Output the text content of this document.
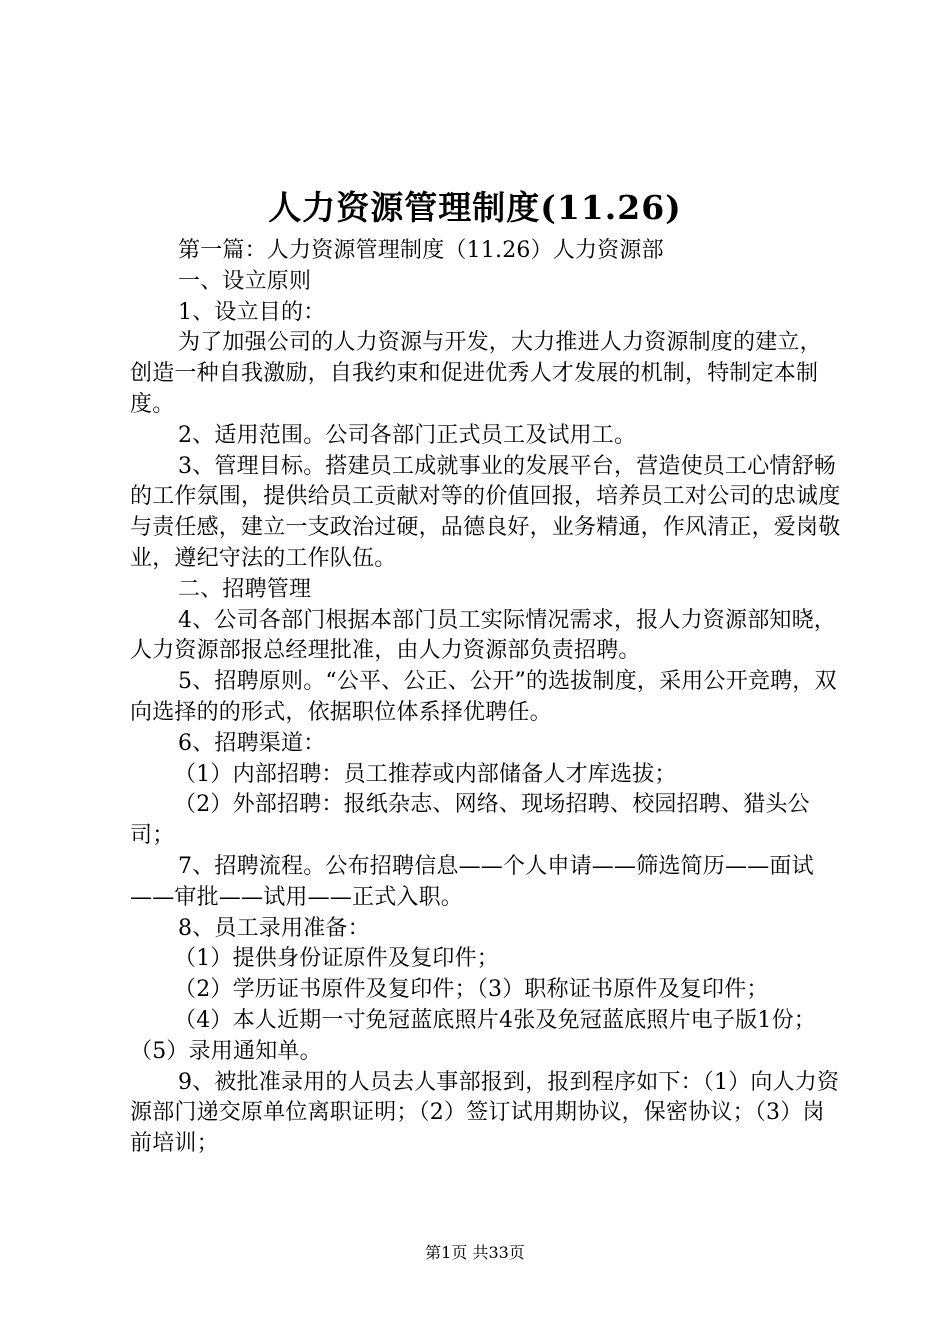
人力资源管理制度(11.26)

第一篇：人力资源管理制度（11.26）人力资源部

一、设立原则

1、设立目的：

为了加强公司的人力资源与开发，大力推进人力资源制度的建立，创造一种自我激励，自我约束和促进优秀人才发展的机制，特制定本制度。

2、适用范围。公司各部门正式员工及试用工。

3、管理目标。搭建员工成就事业的发展平台，营造使员工心情舒畅的工作氛围，提供给员工贡献对等的价值回报，培养员工对公司的忠诚度与责任感，建立一支政治过硬，品德良好，业务精通，作风清正，爱岗敬业，遵纪守法的工作队伍。

二、招聘管理

4、公司各部门根据本部门员工实际情况需求，报人力资源部知晓，人力资源部报总经理批准，由人力资源部负责招聘。

5、招聘原则。“公平、公正、公开”的选拔制度，采用公开竞聘，双向选择的的形式，依据职位体系择优聘任。

6、招聘渠道：

（1）内部招聘：员工推荐或内部储备人才库选拔；

（2）外部招聘：报纸杂志、网络、现场招聘、校园招聘、猎头公司；

7、招聘流程。公布招聘信息——个人申请——筛选简历——面试——审批——试用——正式入职。

8、员工录用准备：

（1）提供身份证原件及复印件；

（2）学历证书原件及复印件；（3）职称证书原件及复印件；

（4）本人近期一寸免冠蓝底照片4张及免冠蓝底照片电子版1份；（5）录用通知单。

9、被批准录用的人员去人事部报到，报到程序如下：（1）向人力资源部门递交原单位离职证明；（2）签订试用期协议，保密协议；（3）岗前培训；

第1页 共33页
